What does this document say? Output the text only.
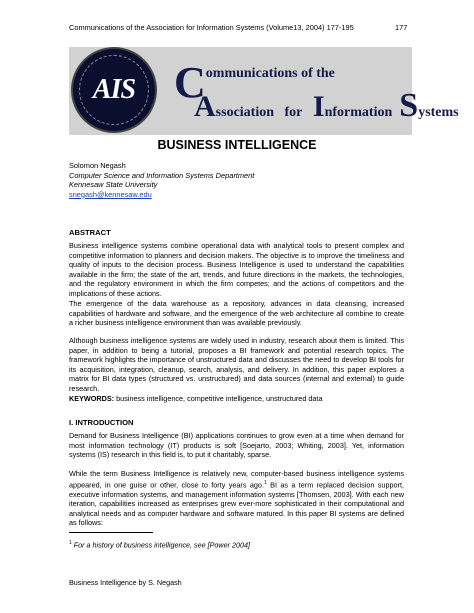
Communications of the Association for Information Systems (Volume13, 2004) 177-195	177
AIS Communications of the
Association for Information Systems
BUSINESS INTELLIGENCE
Solomon Negash
Computer Science and Information Systems Department
Kennesaw State University
snegash@kennesaw.edu
ABSTRACT
Business intelligence systems combine operational data with analytical tools to present complex and competitive information to planners and decision makers. The objective is to improve the timeliness and quality of inputs to the decision process. Business Intelligence is used to understand the capabilities available in the firm; the state of the art, trends, and future directions in the markets, the technologies, and the regulatory environment in which the firm competes; and the actions of competitors and the implications of these actions.
The emergence of the data warehouse as a repository, advances in data cleansing, increased capabilities of hardware and software, and the emergence of the web architecture all combine to create a richer business intelligence environment than was available previously.
Although business intelligence systems are widely used in industry, research about them is limited. This paper, in addition to being a tutorial, proposes a BI framework and potential research topics. The framework highlights the importance of unstructured data and discusses the need to develop BI tools for its acquisition, integration, cleanup, search, analysis, and delivery. In addition, this paper explores a matrix for BI data types (structured vs. unstructured) and data sources (internal and external) to guide research.
KEYWORDS: business intelligence, competitive intelligence, unstructured data
I. INTRODUCTION
Demand for Business Intelligence (BI) applications continues to grow even at a time when demand for most information technology (IT) products is soft [Soejarto, 2003; Whiting, 2003]. Yet, information systems (IS) research in this field is, to put it charitably, sparse.
While the term Business Intelligence is relatively new, computer-based business intelligence systems appeared, in one guise or other, close to forty years ago.$^1$ BI as a term replaced decision support, executive information systems, and management information systems [Thomsen, 2003]. With each new iteration, capabilities increased as enterprises grew ever-more sophisticated in their computational and analytical needs and as computer hardware and software matured. In this paper BI systems are defined as follows:
$^1$ For a history of business intelligence, see [Power 2004]
Business Intelligence by S. Negash
